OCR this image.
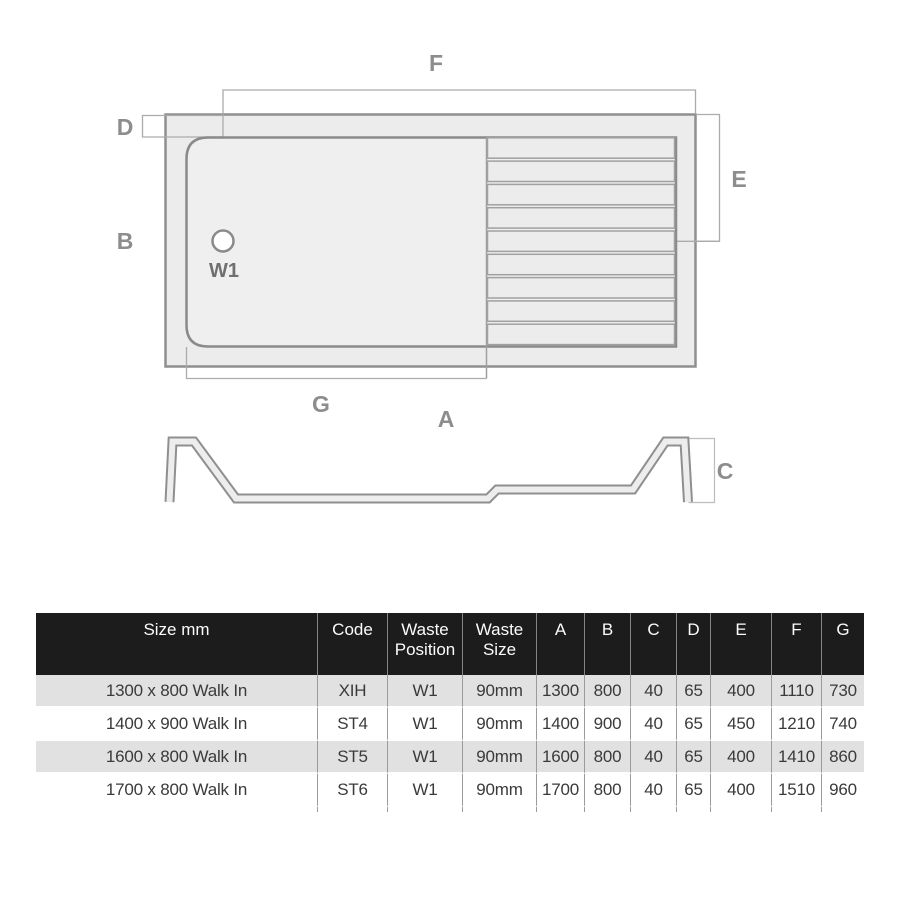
F
D
B
E
G
A
C
W1
Size mm	Code	Waste Position	Waste Size	A	B	C	D	E	F	G
1300 x 800 Walk In	XIH	W1	90mm	1300	800	40	65	400	1110	730
1400 x 900 Walk In	ST4	W1	90mm	1400	900	40	65	450	1210	740
1600 x 800 Walk In	ST5	W1	90mm	1600	800	40	65	400	1410	860
1700 x 800 Walk In	ST6	W1	90mm	1700	800	40	65	400	1510	960
